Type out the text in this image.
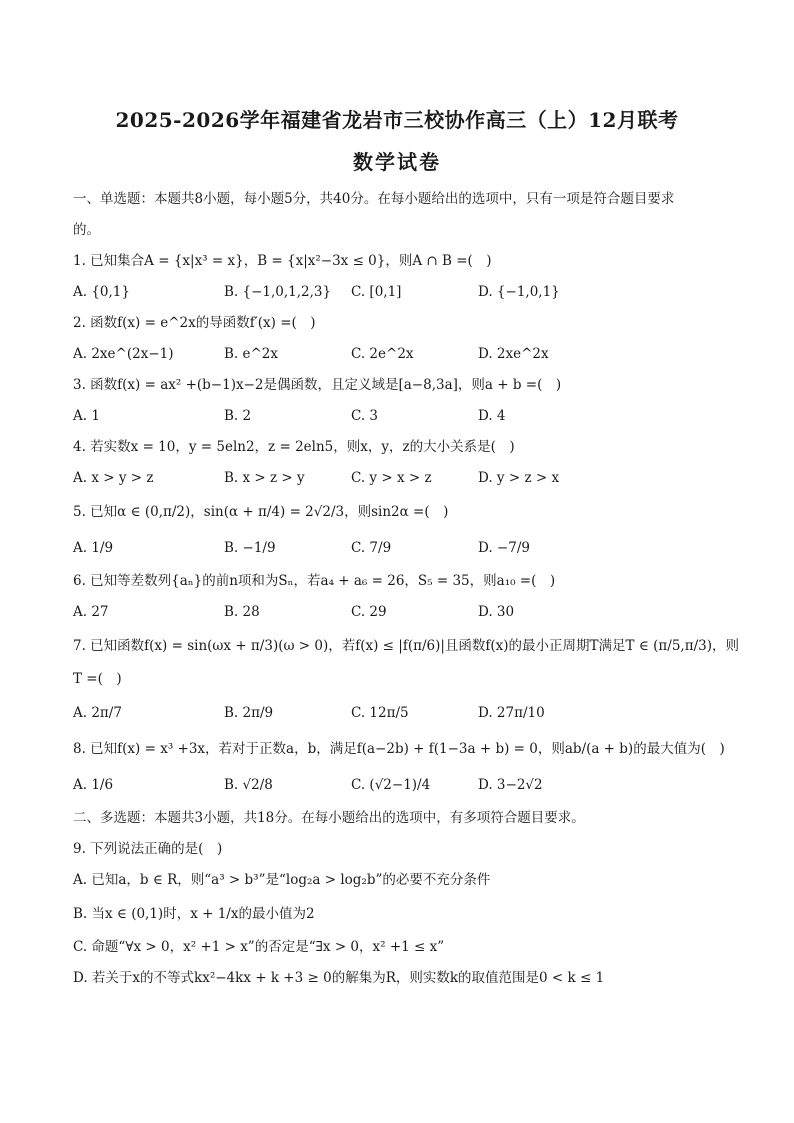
2025-2026学年福建省龙岩市三校协作高三（上）12月联考
数学试卷
一、单选题：本题共8小题，每小题5分，共40分。在每小题给出的选项中，只有一项是符合题目要求
的。
1. 已知集合A = {x|x³ = x}，B = {x|x²−3x ≤ 0}，则A ∩ B =(　)
A. {0,1}	B. {−1,0,1,2,3} C. [0,1]	D. {−1,0,1}
2. 函数f(x) = e^2x的导函数f′(x) =(　)
A. 2xe^(2x−1)	B. e^2x	C. 2e^2x	D. 2xe^2x
3. 函数f(x) = ax² +(b−1)x−2是偶函数，且定义域是[a−8,3a]，则a + b =(　)
A. 1	B. 2	C. 3	D. 4
4. 若实数x = 10，y = 5eln2，z = 2eln5，则x，y，z的大小关系是(　)
A. x > y > z	B. x > z > y	C. y > x > z	D. y > z > x
5. 已知α ∈ (0,π/2)，sin(α + π/4) = 2√2/3，则sin2α =(　)
A. 1/9	B. −1/9	C. 7/9	D. −7/9
6. 已知等差数列{aₙ}的前n项和为Sₙ，若a₄ + a₆ = 26，S₅ = 35，则a₁₀ =(　)
A. 27	B. 28	C. 29	D. 30
7. 已知函数f(x) = sin(ωx + π/3)(ω > 0)，若f(x) ≤ |f(π/6)|且函数f(x)的最小正周期T满足T ∈ (π/5,π/3)，则
T =(　)
A. 2π/7	B. 2π/9	C. 12π/5	D. 27π/10
8. 已知f(x) = x³ +3x，若对于正数a，b，满足f(a−2b) + f(1−3a + b) = 0，则ab/(a + b)的最大值为(　)
A. 1/6	B. √2/8	C. (√2−1)/4	D. 3−2√2
二、多选题：本题共3小题，共18分。在每小题给出的选项中，有多项符合题目要求。
9. 下列说法正确的是(　)
A. 已知a，b ∈ R，则“a³ > b³”是“log₂a > log₂b”的必要不充分条件
B. 当x ∈ (0,1)时，x + 1/x的最小值为2
C. 命题“∀x > 0，x² +1 > x”的否定是“∃x > 0，x² +1 ≤ x”
D. 若关于x的不等式kx²−4kx + k +3 ≥ 0的解集为R，则实数k的取值范围是0 < k ≤ 1
